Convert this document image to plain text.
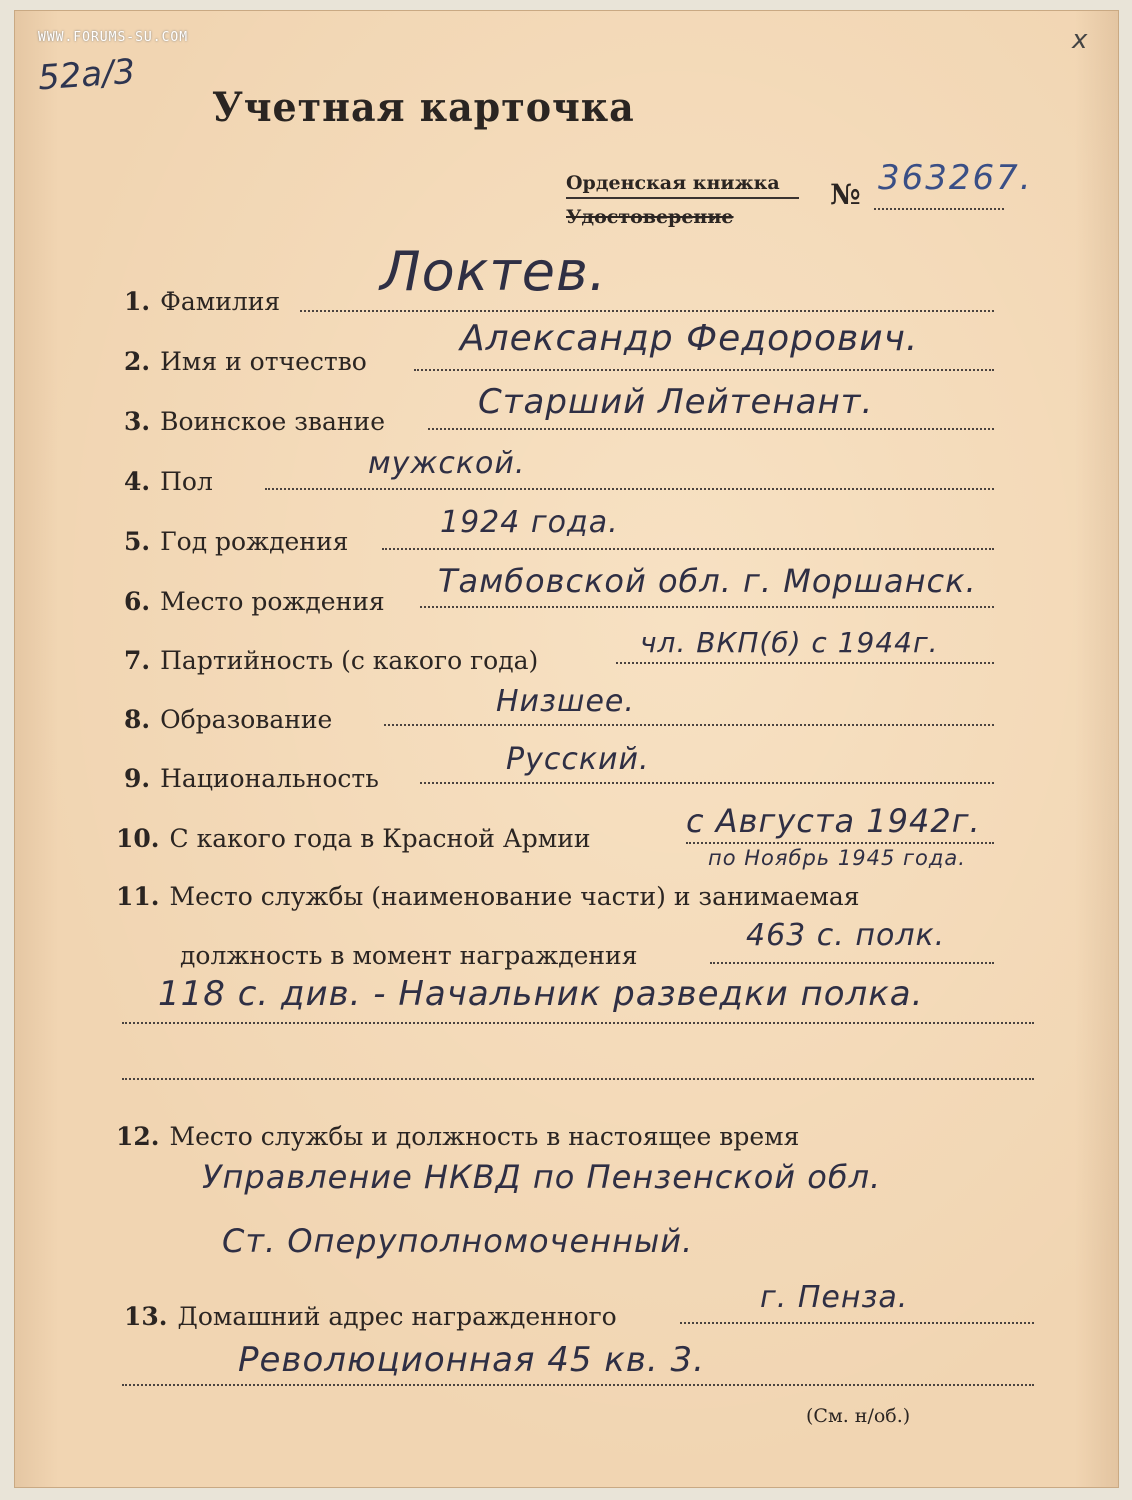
WWW.FORUMS-SU.COM
52а/3
x
Учетная карточка
Орденская книжка
Удостоверение
№ 363267.
1. Фамилия Локтев.
2. Имя и отчество
Александр Федорович.
3. Воинское звание	Старший Лейтенант.
4. Пол
мужской.
5. Год рождения
1924 года.
6. Место рождения
Тамбовской обл. г. Моршанск.
7. Партийность (с какого года)
чл. ВКП(б) с 1944г.
8. Образование
Низшее.
9. Национальность
Русский.
10. С какого года в Красной Армии	с Августа 1942г.
по Ноябрь 1945 года.
11. Место службы (наименование части) и занимаемая
должность в момент награждения
463 с. полк.
118 с. див. - Начальник разведки полка.
12. Место службы и должность в настоящее время
Управление НКВД по Пензенской обл.
Ст. Оперуполномоченный.
13. Домашний адрес награжденного
г. Пенза.
Революционная 45 кв. 3.
(См. н/об.)
